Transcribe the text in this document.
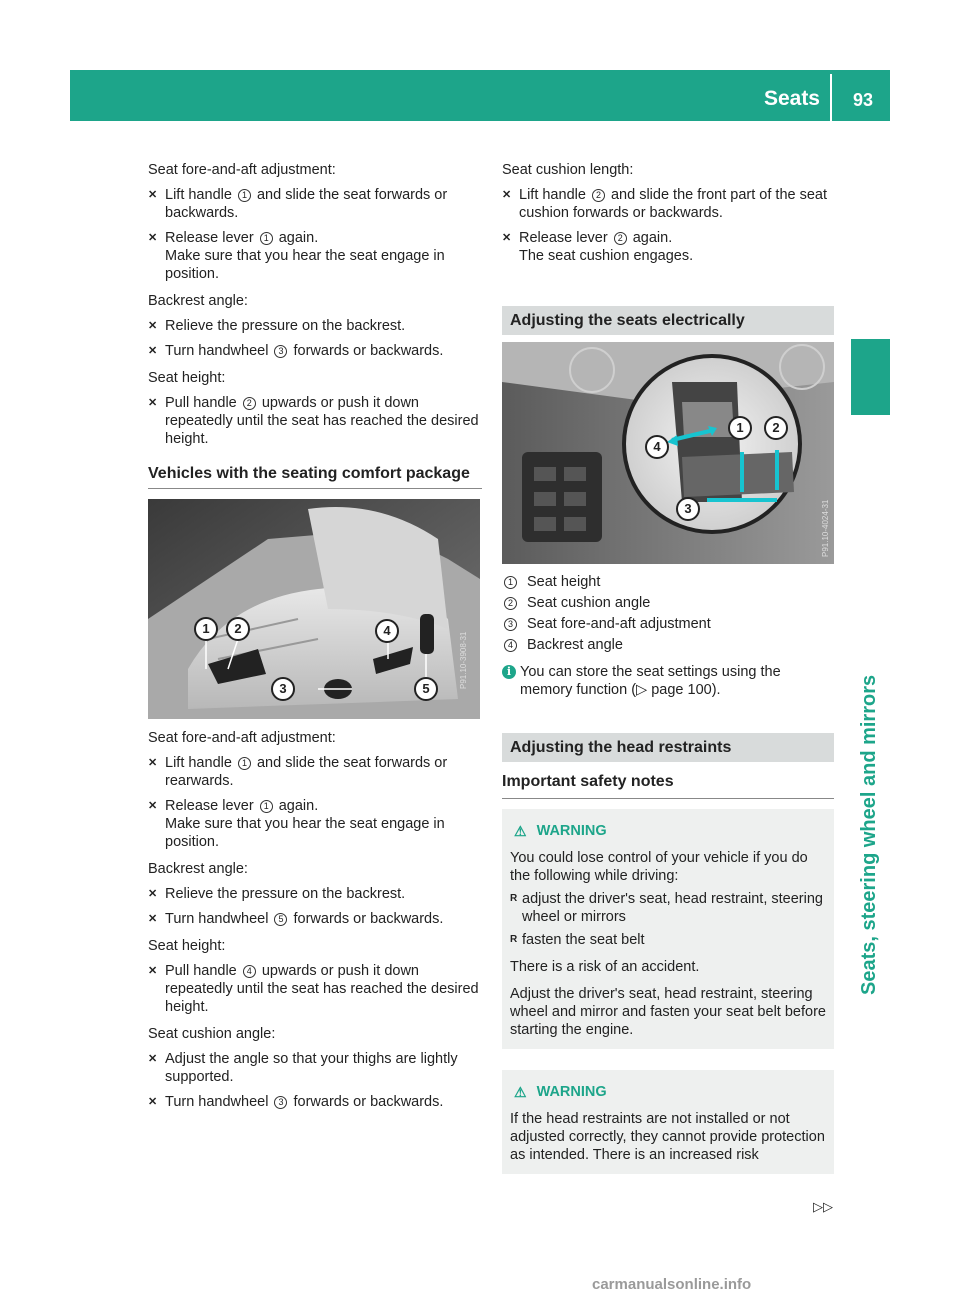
Seats 93
Seats, steering wheel and mirrors

Seat fore-and-aft adjustment:

✕ Lift handle 1 and slide the seat forwards or backwards.
✕ Release lever 1 again.
Make sure that you hear the seat engage in position.

Backrest angle:

✕ Relieve the pressure on the backrest.
✕ Turn handwheel 3 forwards or backwards.

Seat height:

✕ Pull handle 2 upwards or push it down repeatedly until the seat has reached the desired height.
Vehicles with the seating comfort package
P91.10-3908-31
1	2
3
4
5

Seat fore-and-aft adjustment:

✕ Lift handle 1 and slide the seat forwards or rearwards.
✕ Release lever 1 again.
Make sure that you hear the seat engage in position.

Backrest angle:

✕ Relieve the pressure on the backrest.
✕ Turn handwheel 5 forwards or backwards.

Seat height:

✕ Pull handle 4 upwards or push it down repeatedly until the seat has reached the desired height.

Seat cushion angle:

✕ Adjust the angle so that your thighs are lightly supported.
✕ Turn handwheel 3 forwards or backwards.

Seat cushion length:

✕ Lift handle 2 and slide the front part of the seat cushion forwards or backwards.
✕ Release lever 2 again.
The seat cushion engages.
Adjusting the seats electrically
P91.10-4024-31
4
1	2
3
1 Seat height
2 Seat cushion angle
3 Seat fore-and-aft adjustment
4 Backrest angle
i You can store the seat settings using the memory function (▷ page 100).
Adjusting the head restraints
Important safety notes
⚠ WARNING

You could lose control of your vehicle if you do the following while driving:

R adjust the driver's seat, head restraint, steering wheel or mirrors
R fasten the seat belt

There is a risk of an accident.

Adjust the driver's seat, head restraint, steering wheel and mirror and fasten your seat belt before starting the engine.

⚠ WARNING

If the head restraints are not installed or not adjusted correctly, they cannot provide protection as intended. There is an increased risk

▷▷
carmanualsonline.info
